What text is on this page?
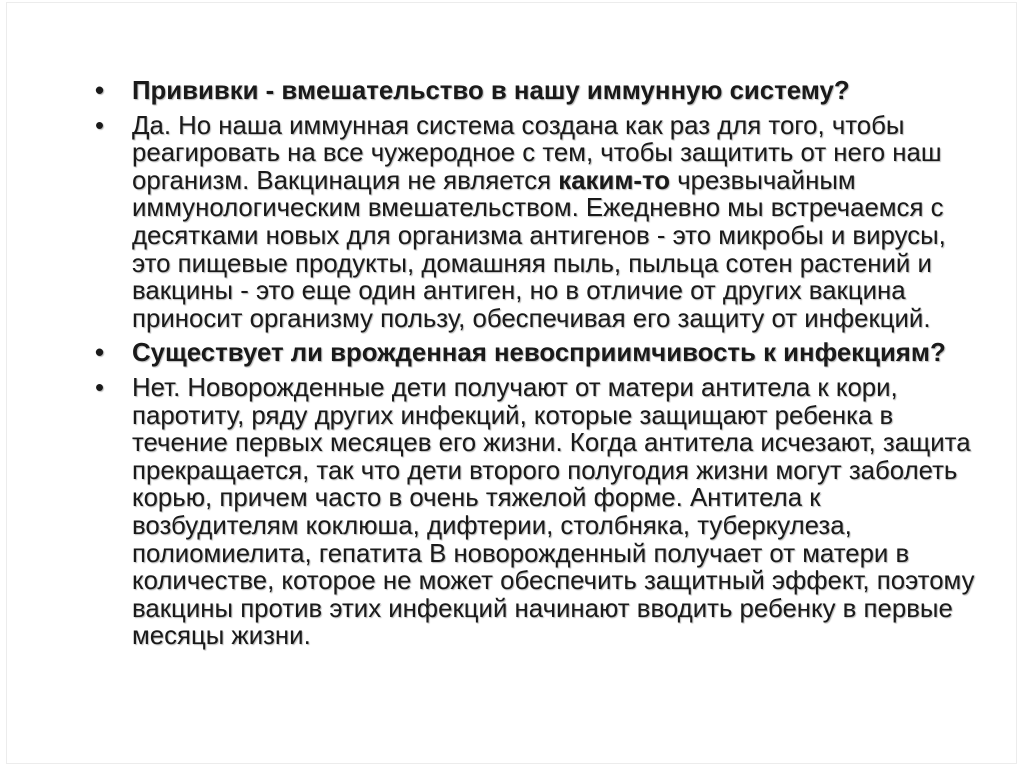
•	Прививки - вмешательство в нашу иммунную систему?
•	Да. Но наша иммунная система создана как раз для того, чтобы реагировать на все чужеродное с тем, чтобы защитить от него наш организм. Вакцинация не является каким-то чрезвычайным иммунологическим вмешательством. Ежедневно мы встречаемся с десятками новых для организма антигенов - это микробы и вирусы, это пищевые продукты, домашняя пыль, пыльца сотен растений и вакцины - это еще один антиген, но в отличие от других вакцина приносит организму пользу, обеспечивая его защиту от инфекций.
•	Существует ли врожденная невосприимчивость к инфекциям?
•	Нет. Новорожденные дети получают от матери антитела к кори, паротиту, ряду других инфекций, которые защищают ребенка в течение первых месяцев его жизни. Когда антитела исчезают, защита прекращается, так что дети второго полугодия жизни могут заболеть корью, причем часто в очень тяжелой форме. Антитела к возбудителям коклюша, дифтерии, столбняка, туберкулеза, полиомиелита, гепатита В новорожденный получает от матери в количестве, которое не может обеспечить защитный эффект, поэтому вакцины против этих инфекций начинают вводить ребенку в первые месяцы жизни.
